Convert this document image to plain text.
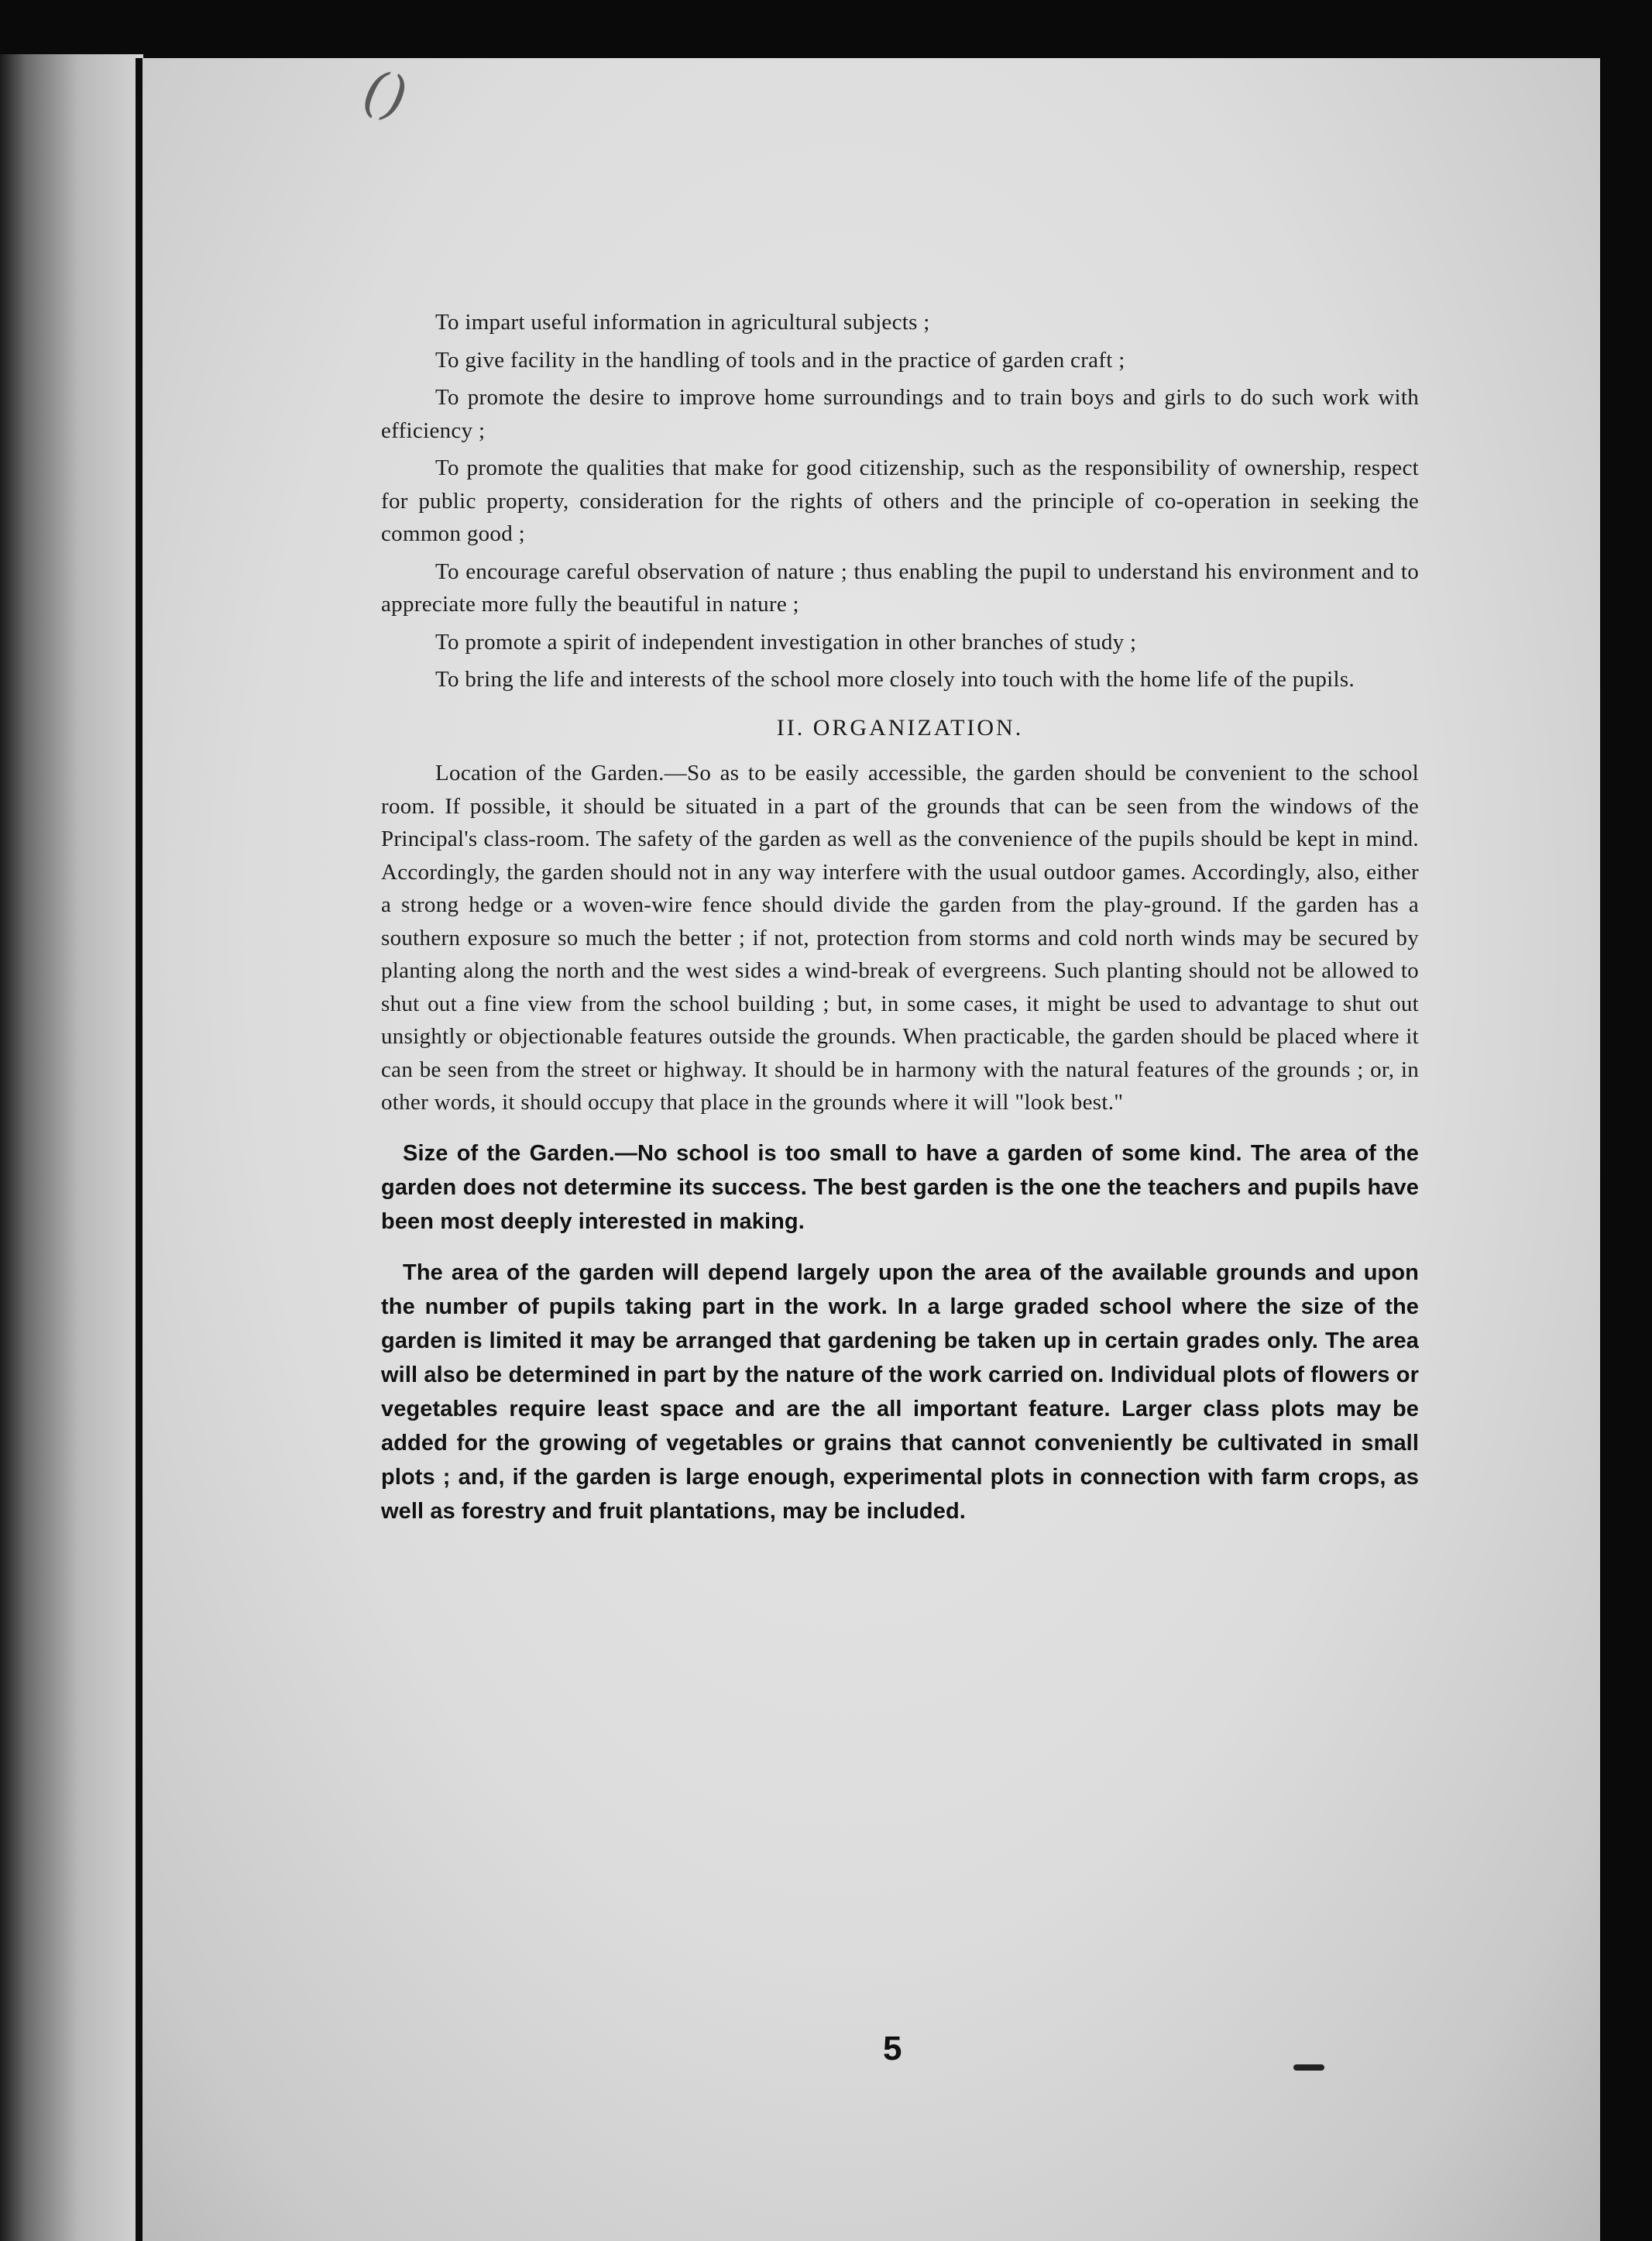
()

To impart useful information in agricultural subjects ;

To give facility in the handling of tools and in the practice of garden craft ;

To promote the desire to improve home surroundings and to train boys and girls to do such work with efficiency ;

To promote the qualities that make for good citizenship, such as the responsibility of ownership, respect for public property, consideration for the rights of others and the principle of co-operation in seeking the common good ;

To encourage careful observation of nature ; thus enabling the pupil to understand his environment and to appreciate more fully the beautiful in nature ;

To promote a spirit of independent investigation in other branches of study ;

To bring the life and interests of the school more closely into touch with the home life of the pupils.

II. ORGANIZATION.

Location of the Garden.—So as to be easily accessible, the garden should be convenient to the school room. If possible, it should be situated in a part of the grounds that can be seen from the windows of the Principal's class-room. The safety of the garden as well as the convenience of the pupils should be kept in mind. Accordingly, the garden should not in any way interfere with the usual outdoor games. Accordingly, also, either a strong hedge or a woven-wire fence should divide the garden from the play-ground. If the garden has a southern exposure so much the better ; if not, protection from storms and cold north winds may be secured by planting along the north and the west sides a wind-break of evergreens. Such planting should not be allowed to shut out a fine view from the school building ; but, in some cases, it might be used to advantage to shut out unsightly or objectionable features outside the grounds. When practicable, the garden should be placed where it can be seen from the street or highway. It should be in harmony with the natural features of the grounds ; or, in other words, it should occupy that place in the grounds where it will "look best."

Size of the Garden.—No school is too small to have a garden of some kind. The area of the garden does not determine its success. The best garden is the one the teachers and pupils have been most deeply interested in making.

The area of the garden will depend largely upon the area of the available grounds and upon the number of pupils taking part in the work. In a large graded school where the size of the garden is limited it may be arranged that gardening be taken up in certain grades only. The area will also be determined in part by the nature of the work carried on. Individual plots of flowers or vegetables require least space and are the all important feature. Larger class plots may be added for the growing of vegetables or grains that cannot conveniently be cultivated in small plots ; and, if the garden is large enough, experimental plots in connection with farm crops, as well as forestry and fruit plantations, may be included.

5
